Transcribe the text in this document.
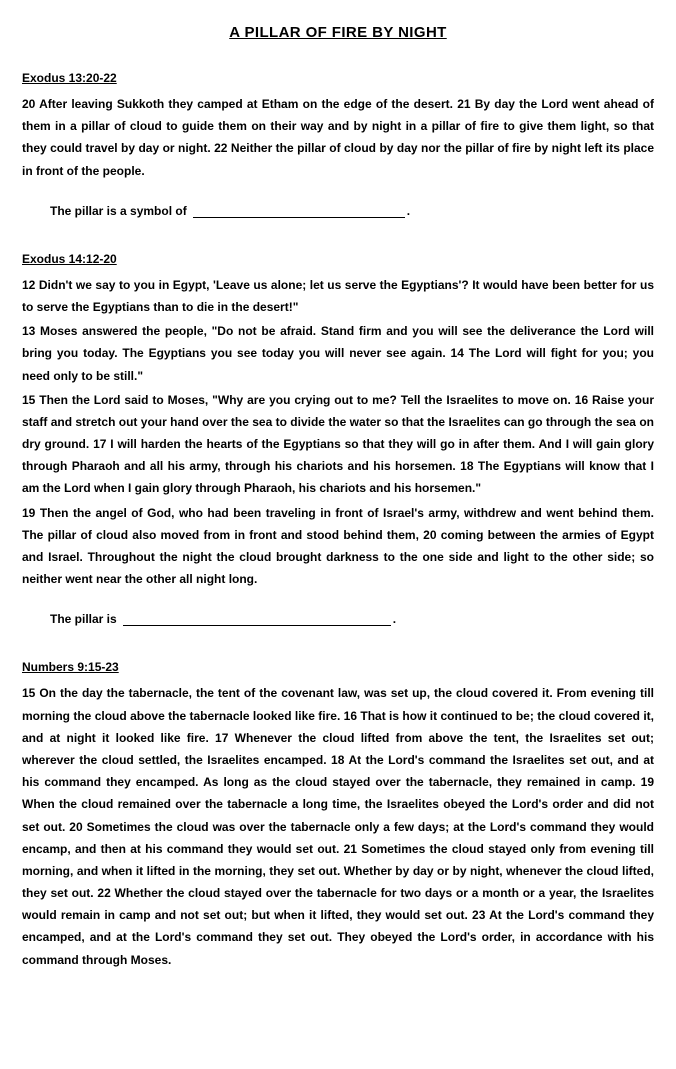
A PILLAR OF FIRE BY NIGHT
Exodus 13:20-22

20 After leaving Sukkoth they camped at Etham on the edge of the desert. 21 By day the Lord went ahead of them in a pillar of cloud to guide them on their way and by night in a pillar of fire to give them light, so that they could travel by day or night. 22 Neither the pillar of cloud by day nor the pillar of fire by night left its place in front of the people.

The pillar is a symbol of	.
Exodus 14:12-20

12 Didn't we say to you in Egypt, 'Leave us alone; let us serve the Egyptians'? It would have been better for us to serve the Egyptians than to die in the desert!"

13 Moses answered the people, "Do not be afraid. Stand firm and you will see the deliverance the Lord will bring you today. The Egyptians you see today you will never see again. 14 The Lord will fight for you; you need only to be still."

15 Then the Lord said to Moses, "Why are you crying out to me? Tell the Israelites to move on. 16 Raise your staff and stretch out your hand over the sea to divide the water so that the Israelites can go through the sea on dry ground. 17 I will harden the hearts of the Egyptians so that they will go in after them. And I will gain glory through Pharaoh and all his army, through his chariots and his horsemen. 18 The Egyptians will know that I am the Lord when I gain glory through Pharaoh, his chariots and his horsemen."

19 Then the angel of God, who had been traveling in front of Israel's army, withdrew and went behind them. The pillar of cloud also moved from in front and stood behind them, 20 coming between the armies of Egypt and Israel. Throughout the night the cloud brought darkness to the one side and light to the other side; so neither went near the other all night long.

The pillar is	.
Numbers 9:15-23

15 On the day the tabernacle, the tent of the covenant law, was set up, the cloud covered it. From evening till morning the cloud above the tabernacle looked like fire. 16 That is how it continued to be; the cloud covered it, and at night it looked like fire. 17 Whenever the cloud lifted from above the tent, the Israelites set out; wherever the cloud settled, the Israelites encamped. 18 At the Lord's command the Israelites set out, and at his command they encamped. As long as the cloud stayed over the tabernacle, they remained in camp. 19 When the cloud remained over the tabernacle a long time, the Israelites obeyed the Lord's order and did not set out. 20 Sometimes the cloud was over the tabernacle only a few days; at the Lord's command they would encamp, and then at his command they would set out. 21 Sometimes the cloud stayed only from evening till morning, and when it lifted in the morning, they set out. Whether by day or by night, whenever the cloud lifted, they set out. 22 Whether the cloud stayed over the tabernacle for two days or a month or a year, the Israelites would remain in camp and not set out; but when it lifted, they would set out. 23 At the Lord's command they encamped, and at the Lord's command they set out. They obeyed the Lord's order, in accordance with his command through Moses.
